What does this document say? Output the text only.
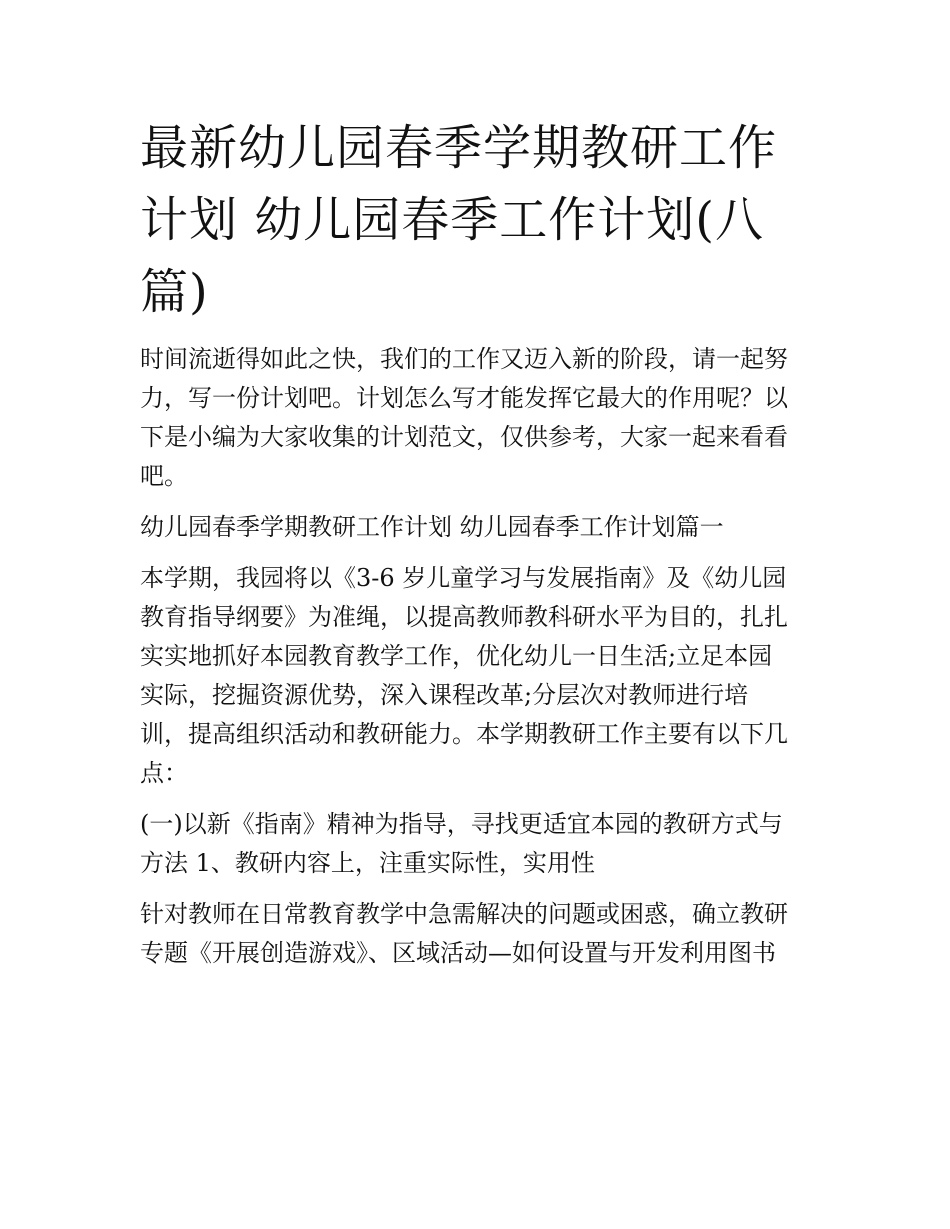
最新幼儿园春季学期教研工作
计划 幼儿园春季工作计划(八
篇)
时间流逝得如此之快，我们的工作又迈入新的阶段，请一起努
力，写一份计划吧。计划怎么写才能发挥它最大的作用呢？以
下是小编为大家收集的计划范文，仅供参考，大家一起来看看
吧。
幼儿园春季学期教研工作计划 幼儿园春季工作计划篇一
本学期，我园将以《3-6 岁儿童学习与发展指南》及《幼儿园
教育指导纲要》为准绳，以提高教师教科研水平为目的，扎扎
实实地抓好本园教育教学工作，优化幼儿一日生活;立足本园
实际，挖掘资源优势，深入课程改革;分层次对教师进行培
训，提高组织活动和教研能力。本学期教研工作主要有以下几
点：
(一)以新《指南》精神为指导，寻找更适宜本园的教研方式与
方法 1、教研内容上，注重实际性，实用性
针对教师在日常教育教学中急需解决的问题或困惑，确立教研
专题《开展创造游戏》、区域活动—如何设置与开发利用图书
